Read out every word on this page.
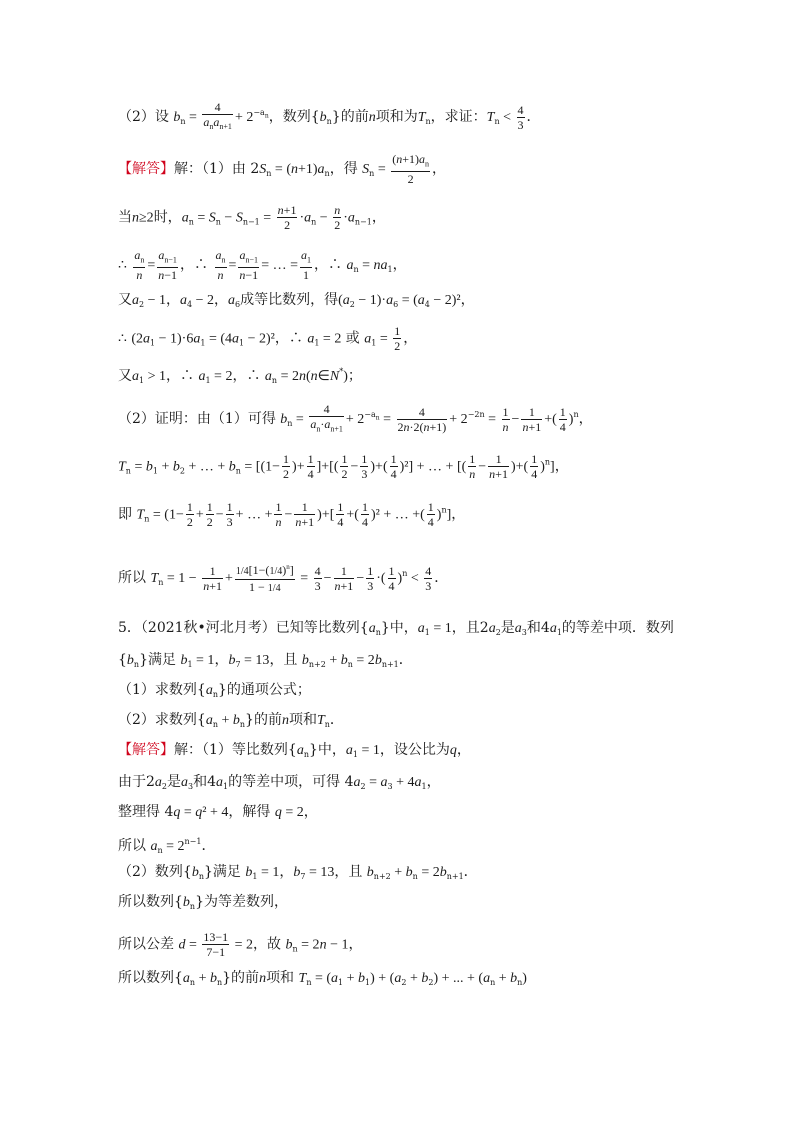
（2）设 $b_n = \frac{4}{a_na_{n+1}} + 2^{-a_n}$，数列$\{b_n\}$的前n项和为$T_n$，求证：$T_n < \frac{4}{3}$ ．
【解答】解：（1）由 $2S_n = (n+1)a_n$，得 $S_n = \frac{(n+1)a_n}{2}$ ，
当n≥2时，$a_n = S_n - S_{n-1} = \frac{n+1}{2} \cdot a_n - \frac{n}{2} \cdot a_{n-1}$，
∴ $\frac{a_n}{n} = \frac{a_{n-1}}{n-1}$ ，∴ $\frac{a_n}{n} = \frac{a_{n-1}}{n-1}$ = … = $\frac{a_1}{1}$ ，∴ $a_n = na_1$，
又$a_2 - 1$，$a_4 - 2$，$a_6$成等比数列，得$(a_2 - 1)\cdot a_6 = (a_4 - 2)^2$，
∴ $(2a_1 - 1)\cdot 6a_1 = (4a_1 - 2)^2$，∴ $a_1 = 2$ 或 $a_1 = \frac{1}{2}$ ，
又$a_1 > 1$，∴ $a_1 = 2$，∴ $a_n$ = 2n(n∈N*)；
（2）证明：由（1）可得 $b_n = \frac{4}{a_n\cdot a_{n+1}} + 2^{-a_n} = \frac{4}{2n\cdot 2(n+1)} + 2^{-2n} = \frac{1}{n} - \frac{1}{n+1}$ +( $\frac{1}{4} )^n$，
$T_n = b_1 + b_2$ + … + $b_n = [(1- \frac{1}{2}$ )+ $\frac{1}{4}$ ]+[( $\frac{1}{2} - \frac{1}{3}$ )+( $\frac{1}{4} )^2$] + … + [( $\frac{1}{n} - \frac{1}{n+1}$ )+( $\frac{1}{4} )^n$]，
即 $T_n = (1- \frac{1}{2} + \frac{1}{2} - \frac{1}{3}$ + … + $\frac{1}{n} - \frac{1}{n+1}$ )+[ $\frac{1}{4}$ +( $\frac{1}{4} )^2$ + … +( $\frac{1}{4} )^n$]，
所以 $T_n = 1 - \frac{1}{n+1} + \frac{1/4[1-(1/4)^n]}{1 - 1/4} = \frac{4}{3} - \frac{1}{n+1} - \frac{1}{3}$ ·( $\frac{1}{4} )^n < \frac{4}{3}$ ．
5．（2021秋•河北月考）已知等比数列$\{a_n\}$中，$a_1 = 1$，且$2a_2$是$a_3$和$4a_1$的等差中项．数列
$\{b_n\}$满足 $b_1 = 1$，$b_7 = 13$，且 $b_{n+2} + b_n = 2b_{n+1}$．
（1）求数列$\{a_n\}$的通项公式；
（2）求数列$\{a_n + b_n\}$的前n项和$T_n$．
【解答】解：（1）等比数列$\{a_n\}$中，$a_1 = 1$，设公比为q，
由于$2a_2$是$a_3$和$4a_1$的等差中项，可得 $4a_2 = a_3 + 4a_1$，
整理得 4q = q² + 4，解得 q = 2，
所以 $a_n = 2^{n-1}$．
（2）数列$\{b_n\}$满足 $b_1 = 1$，$b_7 = 13$，且 $b_{n+2} + b_n = 2b_{n+1}$．
所以数列$\{b_n\}$为等差数列，
所以公差 $d = \frac{13-1}{7-1} = 2$，故 $b_n = 2n - 1$，
所以数列$\{a_n + b_n\}$的前n项和 $T_n = (a_1 + b_1) + (a_2 + b_2)$ + ... + $(a_n + b_n)$
